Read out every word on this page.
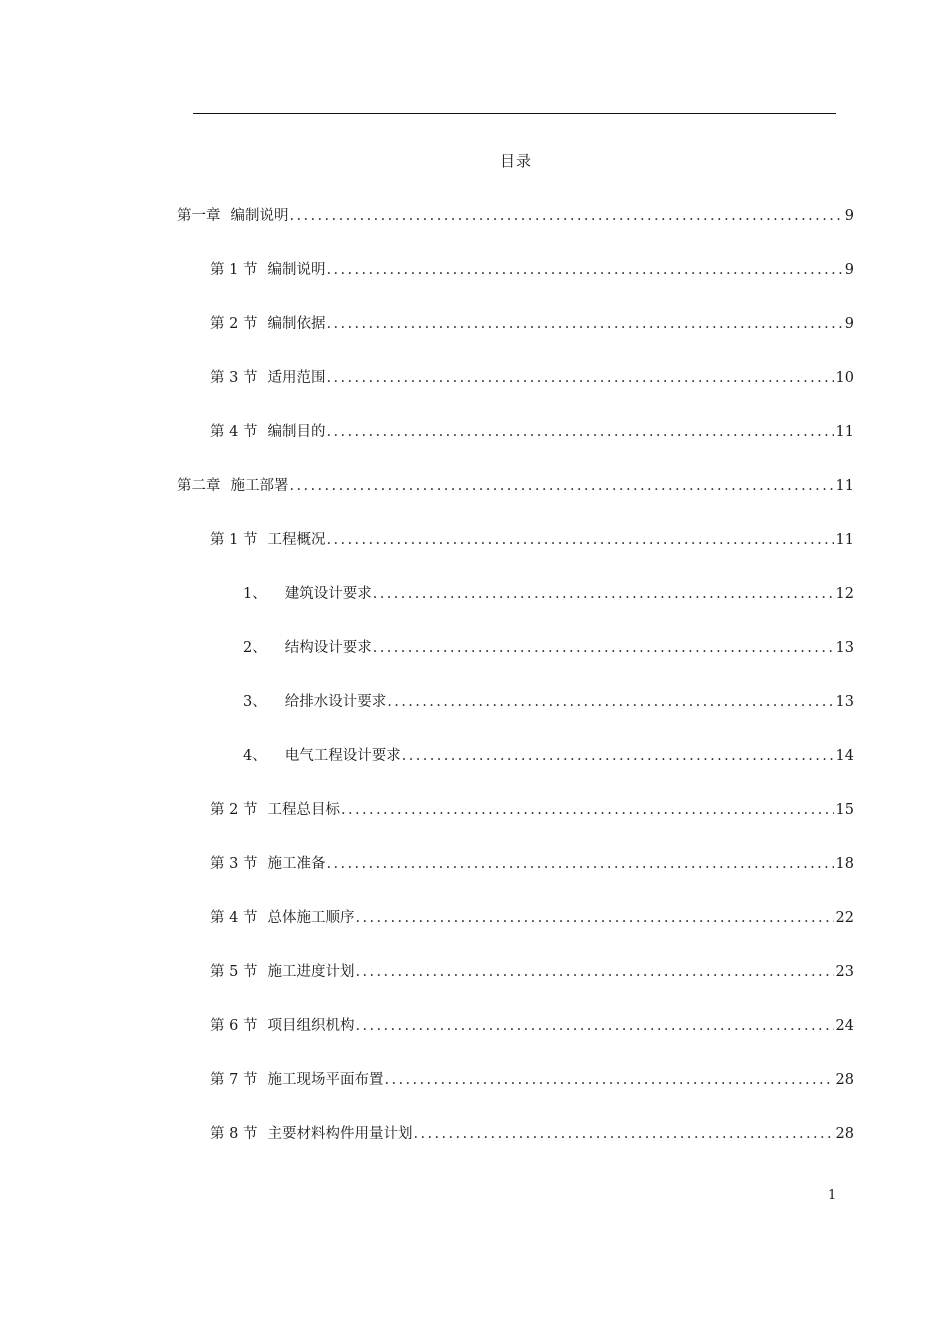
目录
第一章 编制说明 .....	9
第 1 节 编制说明 .....	9
第 2 节 编制依据 .....	9
第 3 节 适用范围 .....	10
第 4 节 编制目的 .....	11
第二章 施工部署 .....	11
第 1 节 工程概况 .....	11
1、 建筑设计要求 .....	12
2、 结构设计要求 .....	13
3、 给排水设计要求 .....	13
4、 电气工程设计要求 .....	14
第 2 节 工程总目标 .....	15
第 3 节 施工准备 .....	18
第 4 节 总体施工顺序 .....	22
第 5 节 施工进度计划 .....	23
第 6 节 项目组织机构 .....	24
第 7 节 施工现场平面布置 .....	28
第 8 节 主要材料构件用量计划 .....	28
1
